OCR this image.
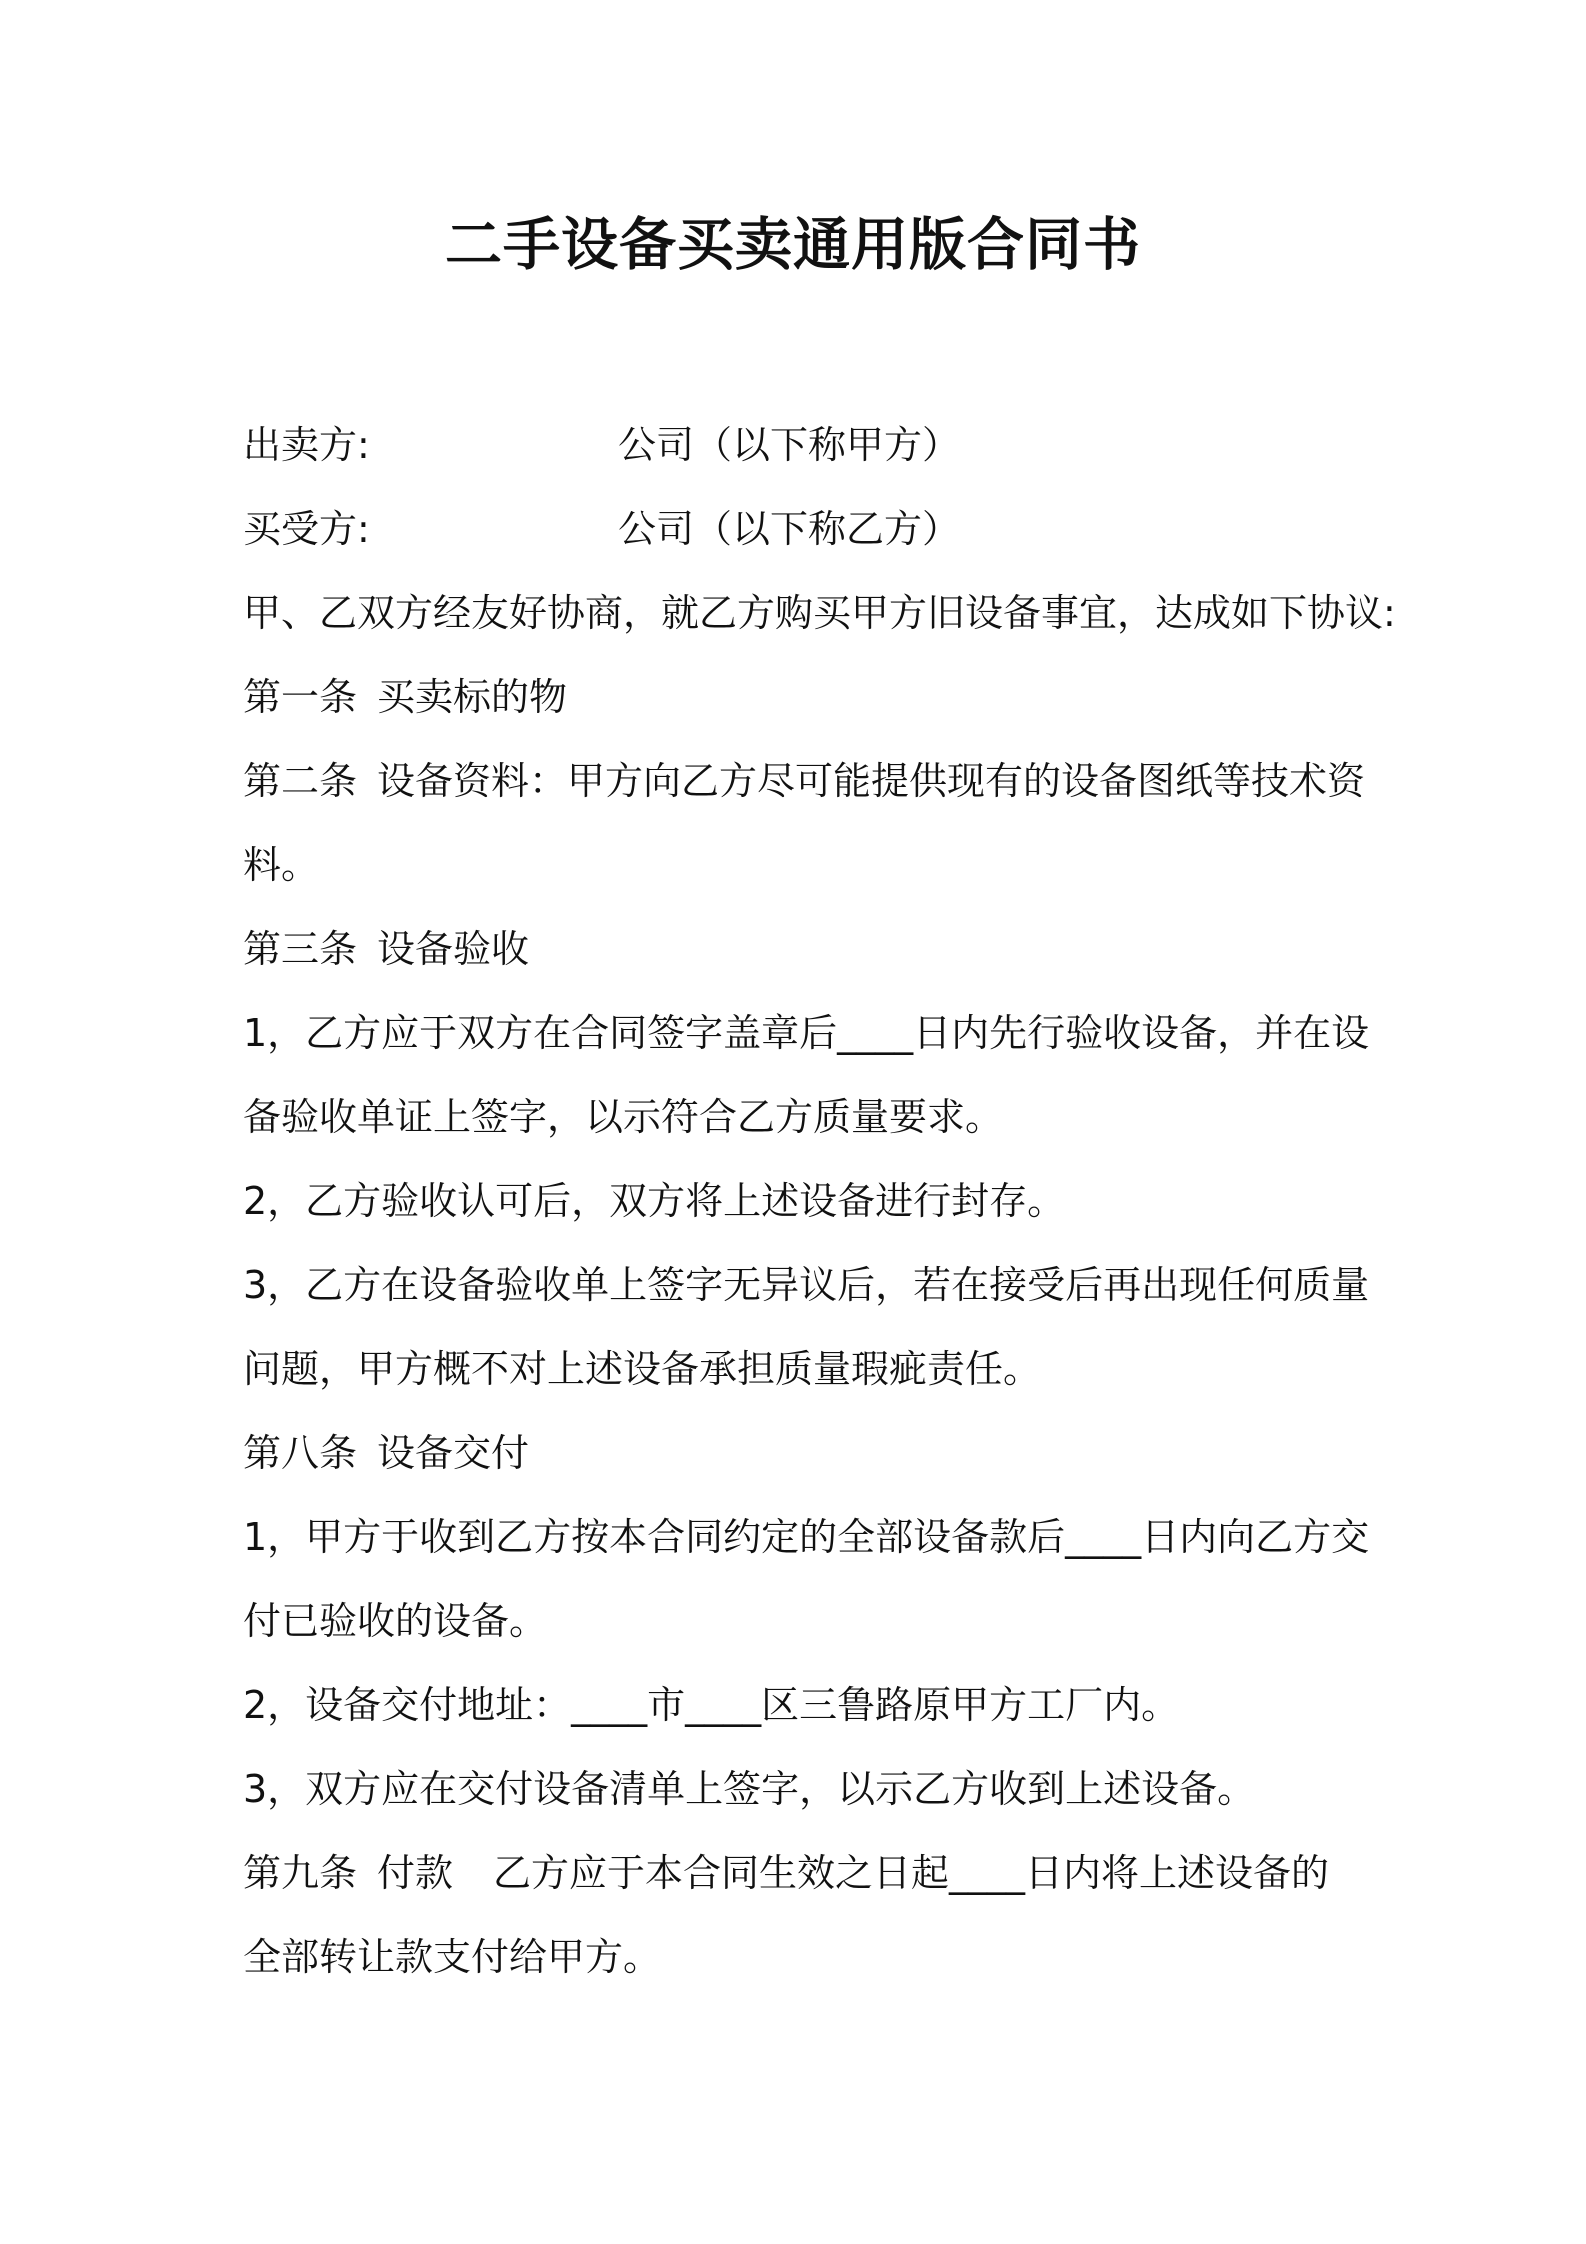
二手设备买卖通用版合同书

出卖方:	公司（以下称甲方）

买受方:	公司（以下称乙方）

甲、乙双方经友好协商，就乙方购买甲方旧设备事宜，达成如下协议:

第一条 买卖标的物

第二条 设备资料：甲方向乙方尽可能提供现有的设备图纸等技术资

料。

第三条 设备验收

1，乙方应于双方在合同签字盖章后____日内先行验收设备，并在设

备验收单证上签字，以示符合乙方质量要求。

2，乙方验收认可后，双方将上述设备进行封存。

3，乙方在设备验收单上签字无异议后，若在接受后再出现任何质量

问题，甲方概不对上述设备承担质量瑕疵责任。

第八条 设备交付

1，甲方于收到乙方按本合同约定的全部设备款后____日内向乙方交

付已验收的设备。

2，设备交付地址：____市____区三鲁路原甲方工厂内。

3，双方应在交付设备清单上签字，以示乙方收到上述设备。

第九条 付款 乙方应于本合同生效之日起____日内将上述设备的

全部转让款支付给甲方。
